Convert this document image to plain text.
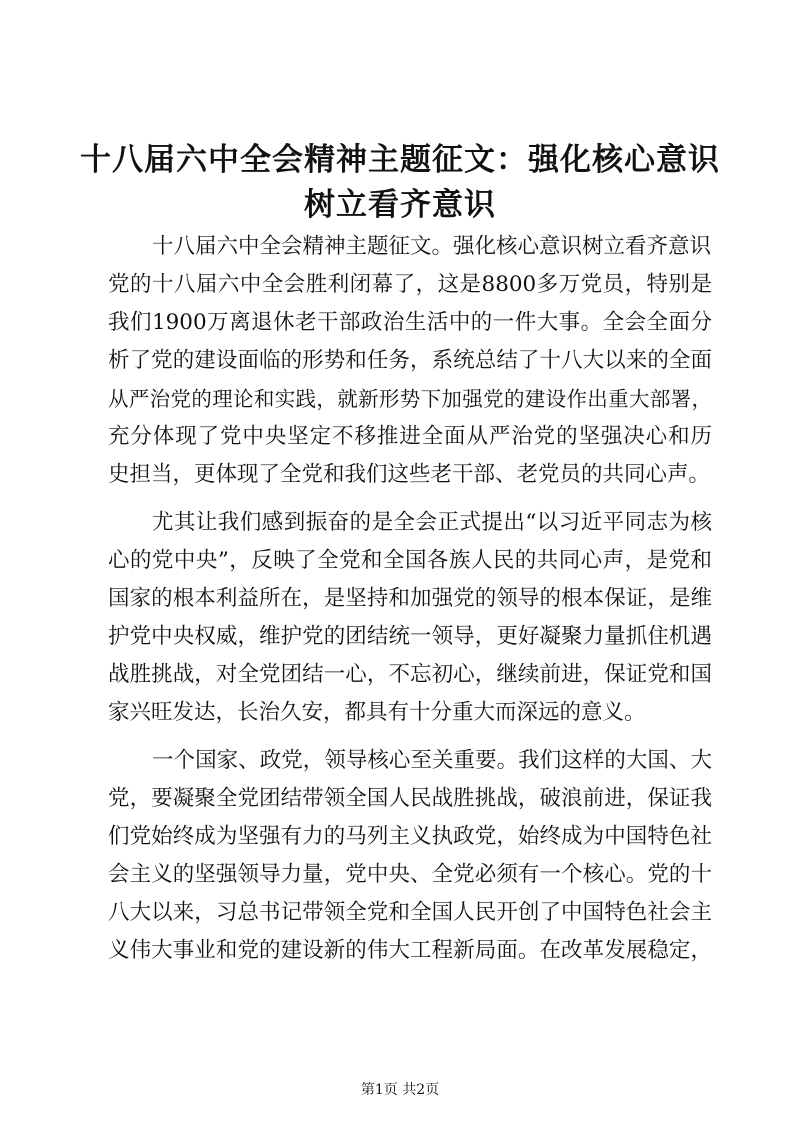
十八届六中全会精神主题征文：强化核心意识
树立看齐意识
十八届六中全会精神主题征文。强化核心意识树立看齐意识
党的十八届六中全会胜利闭幕了，这是8800多万党员，特别是
我们1900万离退休老干部政治生活中的一件大事。全会全面分
析了党的建设面临的形势和任务，系统总结了十八大以来的全面
从严治党的理论和实践，就新形势下加强党的建设作出重大部署，
充分体现了党中央坚定不移推进全面从严治党的坚强决心和历
史担当，更体现了全党和我们这些老干部、老党员的共同心声。
尤其让我们感到振奋的是全会正式提出“以习近平同志为核
心的党中央”，反映了全党和全国各族人民的共同心声，是党和
国家的根本利益所在，是坚持和加强党的领导的根本保证，是维
护党中央权威，维护党的团结统一领导，更好凝聚力量抓住机遇
战胜挑战，对全党团结一心，不忘初心，继续前进，保证党和国
家兴旺发达，长治久安，都具有十分重大而深远的意义。
一个国家、政党，领导核心至关重要。我们这样的大国、大
党，要凝聚全党团结带领全国人民战胜挑战，破浪前进，保证我
们党始终成为坚强有力的马列主义执政党，始终成为中国特色社
会主义的坚强领导力量，党中央、全党必须有一个核心。党的十
八大以来，习总书记带领全党和全国人民开创了中国特色社会主
义伟大事业和党的建设新的伟大工程新局面。在改革发展稳定，
第1页 共2页
